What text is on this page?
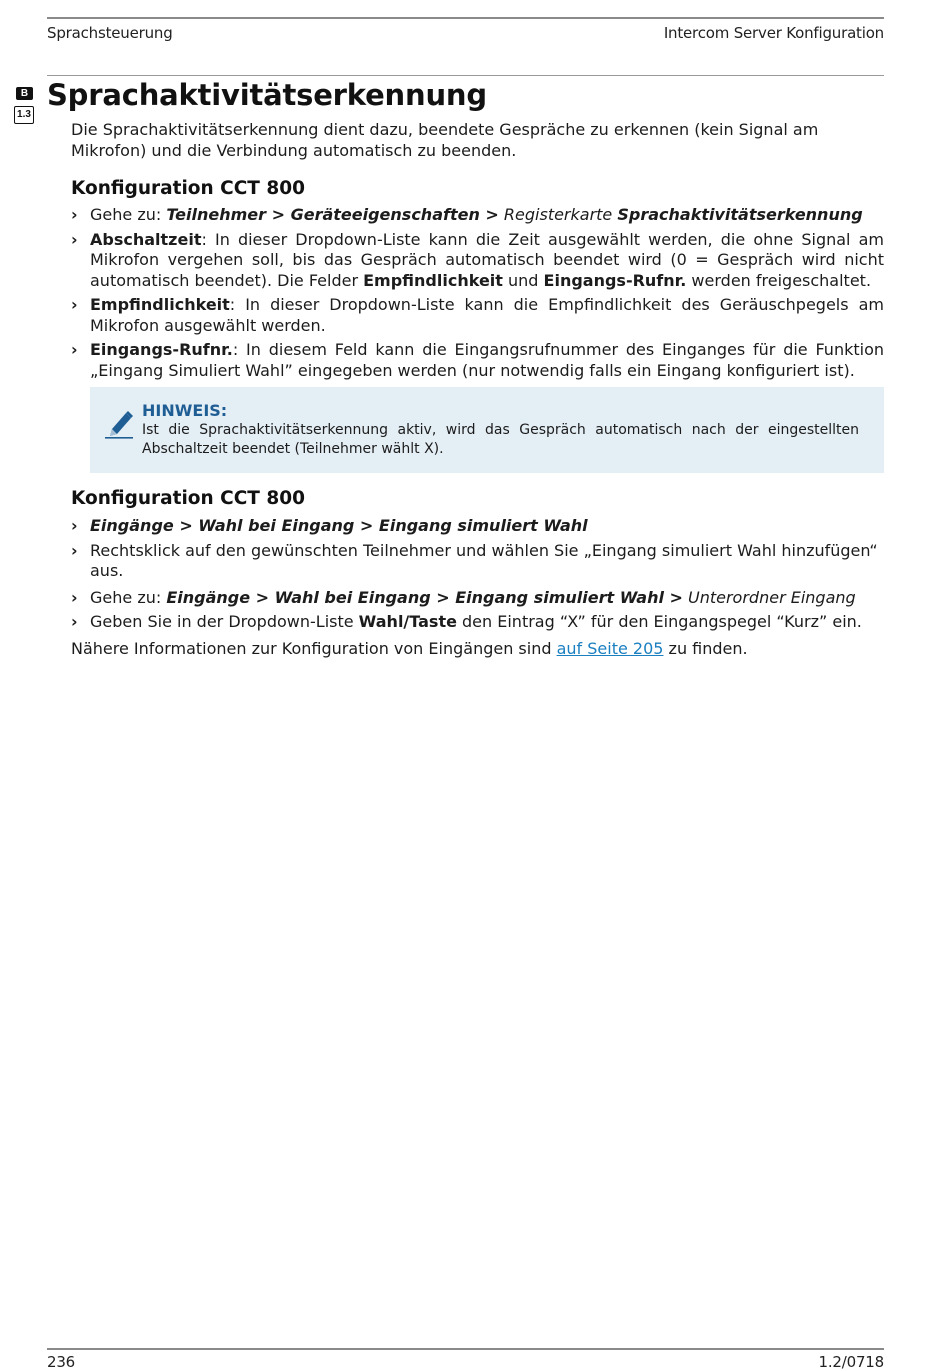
Sprachsteuerung	Intercom Server Konfiguration
B
1.3
Sprachaktivitätserkennung

Die Sprachaktivitätserkennung dient dazu, beendete Gespräche zu erkennen (kein Signal am Mikrofon) und die Verbindung automatisch zu beenden.

Konfiguration CCT 800
› Gehe zu: Teilnehmer > Geräteeigenschaften > Registerkarte Sprachaktivitätserkennung
› Abschaltzeit: In dieser Dropdown-Liste kann die Zeit ausgewählt werden, die ohne Signal am Mikrofon vergehen soll, bis das Gespräch automatisch beendet wird (0 = Gespräch wird nicht automatisch beendet). Die Felder Empfindlichkeit und Eingangs-Rufnr. werden freigeschaltet.
› Empfindlichkeit: In dieser Dropdown-Liste kann die Empfindlichkeit des Geräuschpegels am Mikrofon ausgewählt werden.
› Eingangs-Rufnr.: In diesem Feld kann die Eingangsrufnummer des Einganges für die Funktion „Eingang Simuliert Wahl” eingegeben werden (nur notwendig falls ein Eingang konfiguriert ist).
HINWEIS:
Ist die Sprachaktivitätserkennung aktiv, wird das Gespräch automatisch nach der eingestellten Abschaltzeit beendet (Teilnehmer wählt X).
Konfiguration CCT 800
› Eingänge > Wahl bei Eingang > Eingang simuliert Wahl
› Rechtsklick auf den gewünschten Teilnehmer und wählen Sie „Eingang simuliert Wahl hinzufügen“ aus.
› Gehe zu: Eingänge > Wahl bei Eingang > Eingang simuliert Wahl > Unterordner Eingang
› Geben Sie in der Dropdown-Liste Wahl/Taste den Eintrag “X” für den Eingangspegel “Kurz” ein.

Nähere Informationen zur Konfiguration von Eingängen sind auf Seite 205 zu finden.

236	1.2/0718
